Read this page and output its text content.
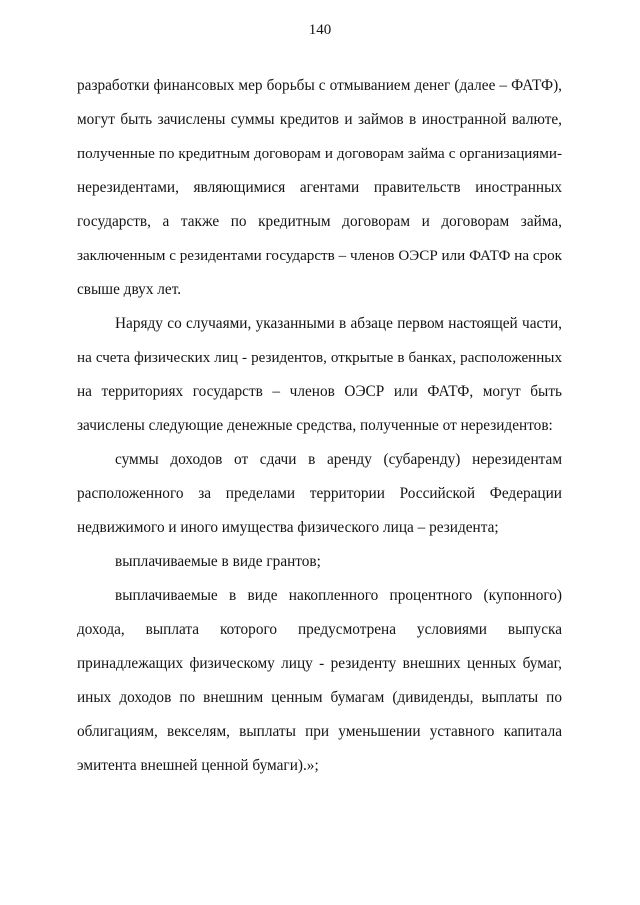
140
разработки финансовых мер борьбы с отмыванием денег (далее – ФАТФ),
могут быть зачислены суммы кредитов и займов в иностранной валюте,
полученные по кредитным договорам и договорам займа с организациями-
нерезидентами, являющимися агентами правительств иностранных
государств, а также по кредитным договорам и договорам займа,
заключенным с резидентами государств – членов ОЭСР или ФАТФ на срок
свыше двух лет.
Наряду со случаями, указанными в абзаце первом настоящей части,
на счета физических лиц - резидентов, открытые в банках, расположенных
на территориях государств – членов ОЭСР или ФАТФ, могут быть
зачислены следующие денежные средства, полученные от нерезидентов:
суммы доходов от сдачи в аренду (субаренду) нерезидентам
расположенного за пределами территории Российской Федерации
недвижимого и иного имущества физического лица – резидента;
выплачиваемые в виде грантов;
выплачиваемые в виде накопленного процентного (купонного)
дохода, выплата которого предусмотрена условиями выпуска
принадлежащих физическому лицу - резиденту внешних ценных бумаг,
иных доходов по внешним ценным бумагам (дивиденды, выплаты по
облигациям, векселям, выплаты при уменьшении уставного капитала
эмитента внешней ценной бумаги).»;
